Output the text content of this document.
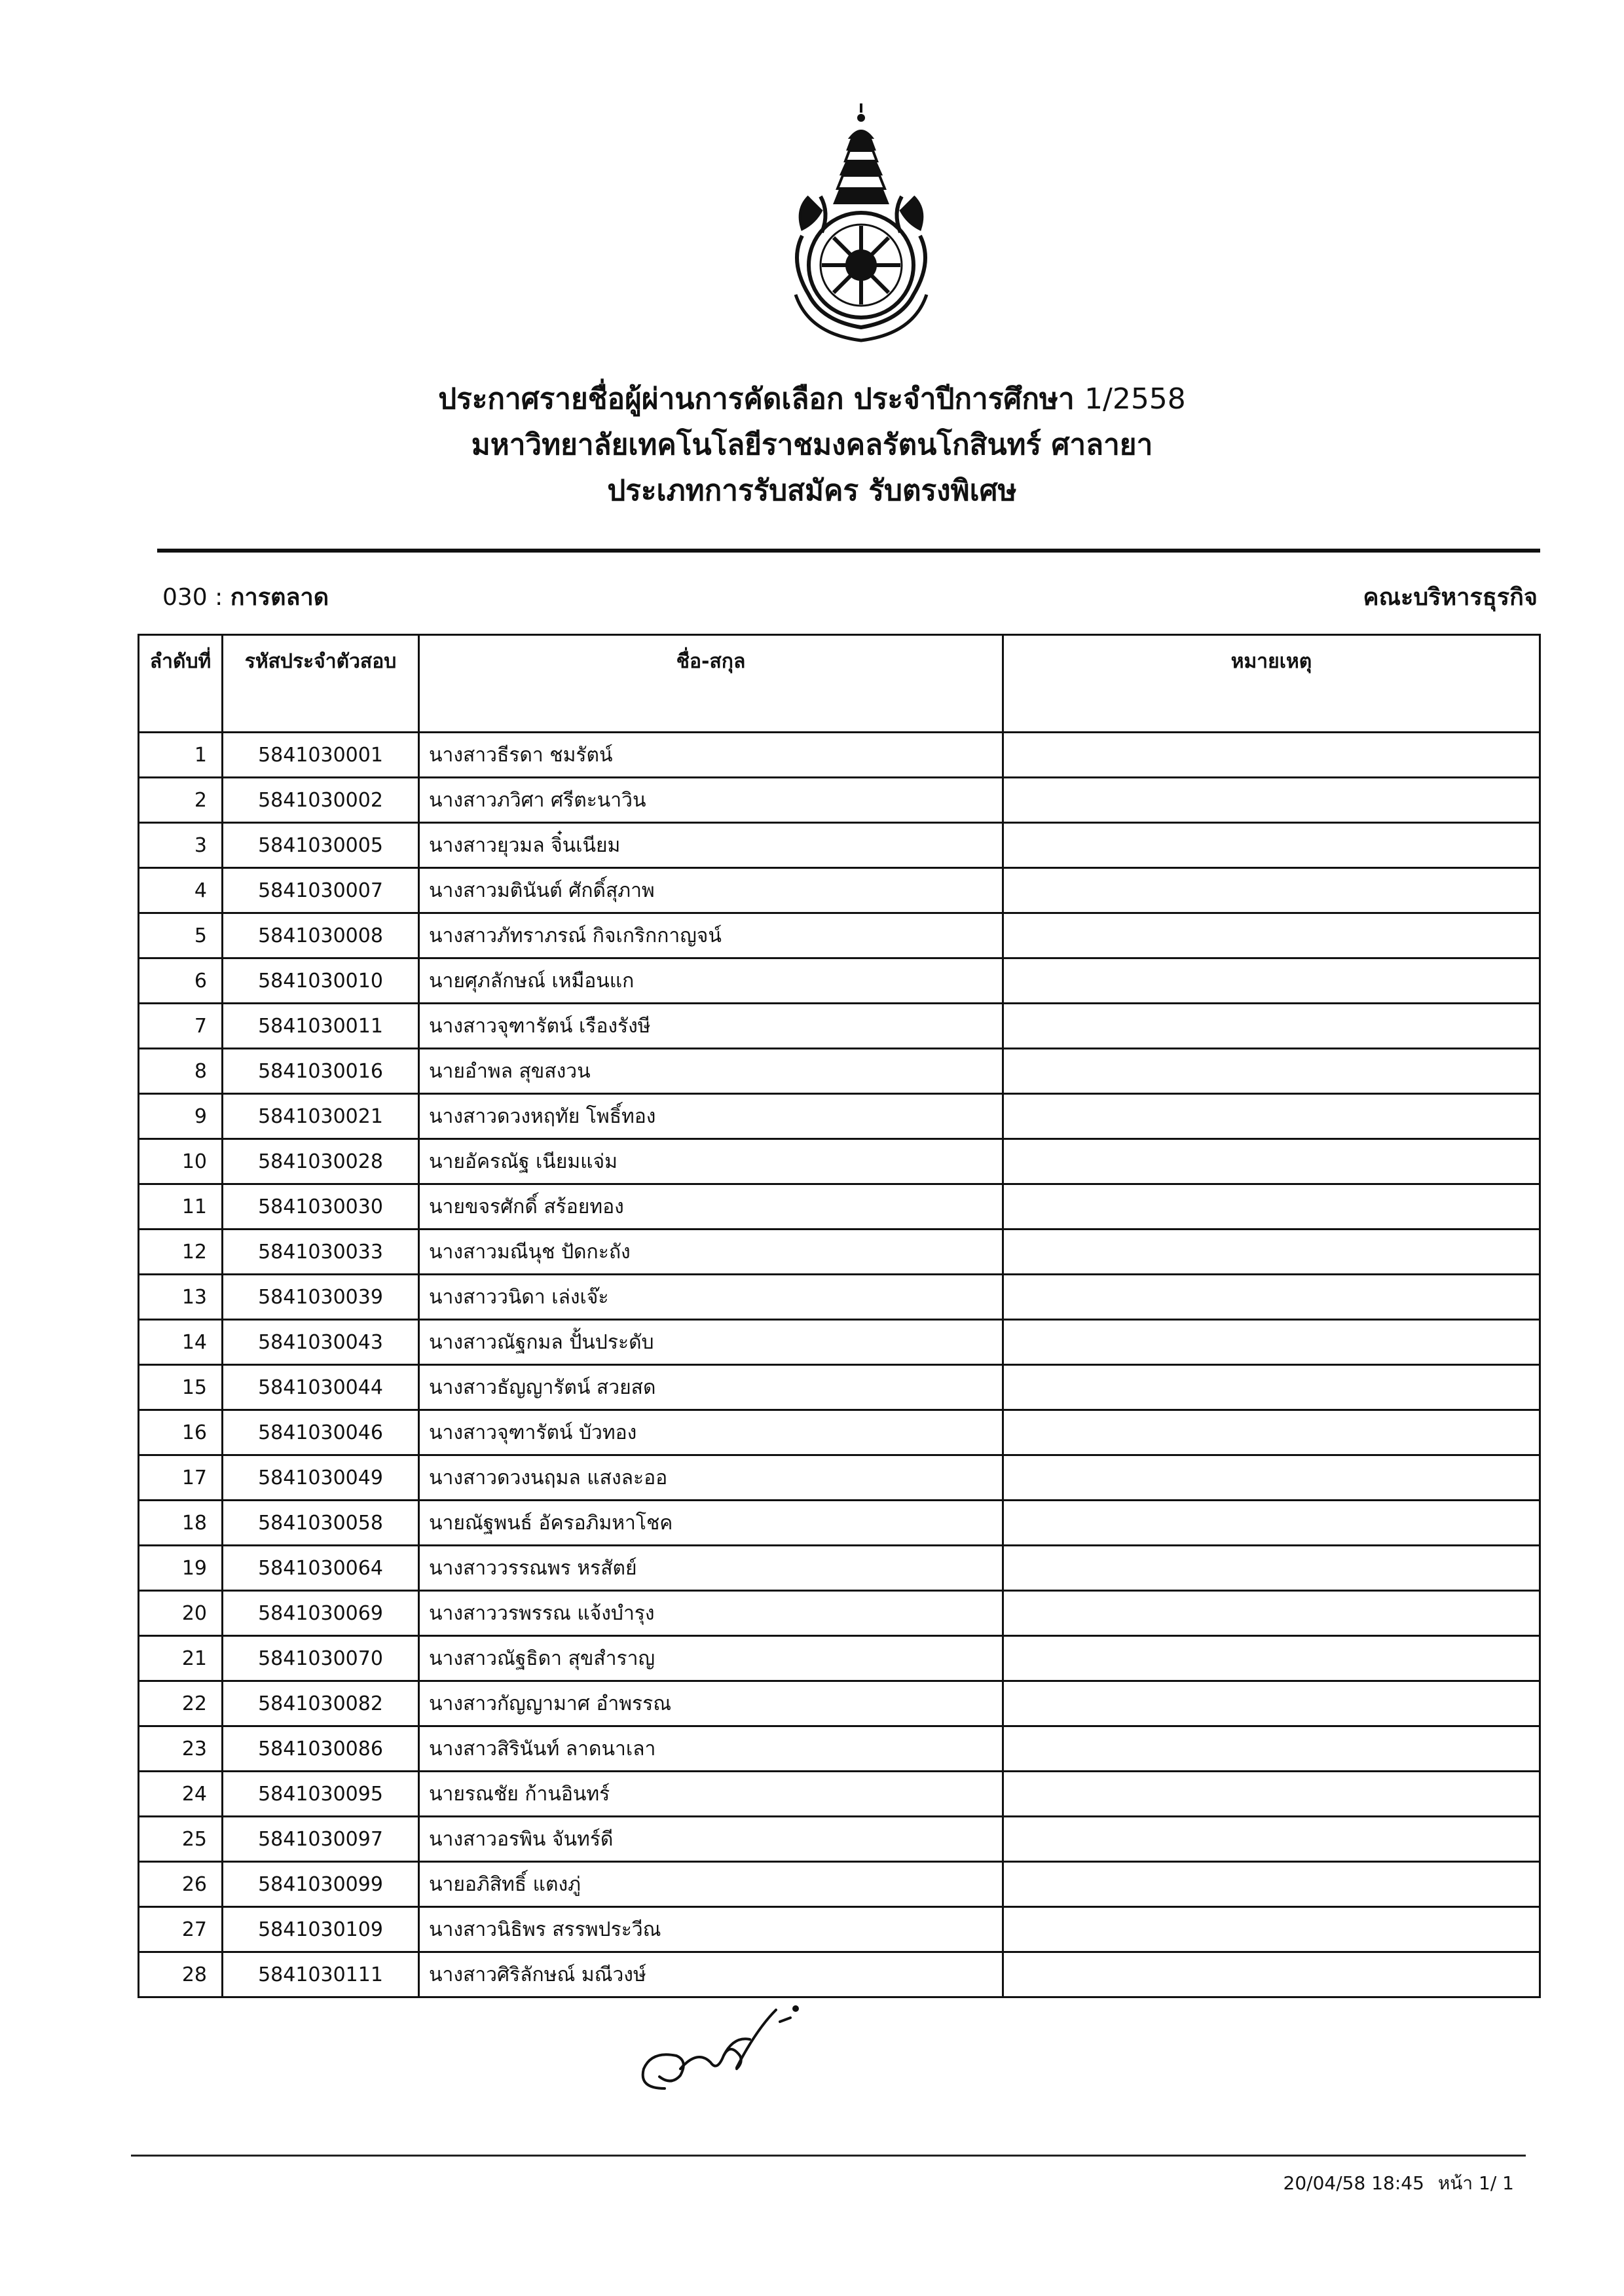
ประกาศรายชื่อผู้ผ่านการคัดเลือก ประจำปีการศึกษา 1/2558
มหาวิทยาลัยเทคโนโลยีราชมงคลรัตนโกสินทร์ ศาลายา
ประเภทการรับสมัคร รับตรงพิเศษ
030 : การตลาด	คณะบริหารธุรกิจ
ลำดับที่	รหัสประจำตัวสอบ	ชื่อ-สกุล	หมายเหตุ
1	5841030001	นางสาวธีรดา ชมรัตน์	
2	5841030002	นางสาวภวิศา ศรีตะนาวิน	
3	5841030005	นางสาวยุวมล จิ๋นเนียม	
4	5841030007	นางสาวมตินันต์ ศักดิ์สุภาพ	
5	5841030008	นางสาวภัทราภรณ์ กิจเกริกกาญจน์	
6	5841030010	นายศุภลักษณ์ เหมือนแก	
7	5841030011	นางสาวจุฑารัตน์ เรืองรังษี	
8	5841030016	นายอำพล สุขสงวน	
9	5841030021	นางสาวดวงหฤทัย โพธิ์ทอง	
10	5841030028	นายอัครณัฐ เนียมแจ่ม	
11	5841030030	นายขจรศักดิ์ สร้อยทอง	
12	5841030033	นางสาวมณีนุช ปัดกะถัง	
13	5841030039	นางสาววนิดา เล่งเจ๊ะ	
14	5841030043	นางสาวณัฐกมล ปั้นประดับ	
15	5841030044	นางสาวธัญญารัตน์ สวยสด	
16	5841030046	นางสาวจุฑารัตน์ บัวทอง	
17	5841030049	นางสาวดวงนฤมล แสงละออ	
18	5841030058	นายณัฐพนธ์ อัครอภิมหาโชค	
19	5841030064	นางสาววรรณพร หรสัตย์	
20	5841030069	นางสาววรพรรณ แจ้งบำรุง	
21	5841030070	นางสาวณัฐธิดา สุขสำราญ	
22	5841030082	นางสาวกัญญามาศ อำพรรณ	
23	5841030086	นางสาวสิรินันท์ ลาดนาเลา	
24	5841030095	นายรณชัย ก้านอินทร์	
25	5841030097	นางสาวอรพิน จันทร์ดี	
26	5841030099	นายอภิสิทธิ์ แตงภู่	
27	5841030109	นางสาวนิธิพร สรรพประวีณ	
28	5841030111	นางสาวศิริลักษณ์ มณีวงษ์	
20/04/58 18:45 หน้า 1/ 1
